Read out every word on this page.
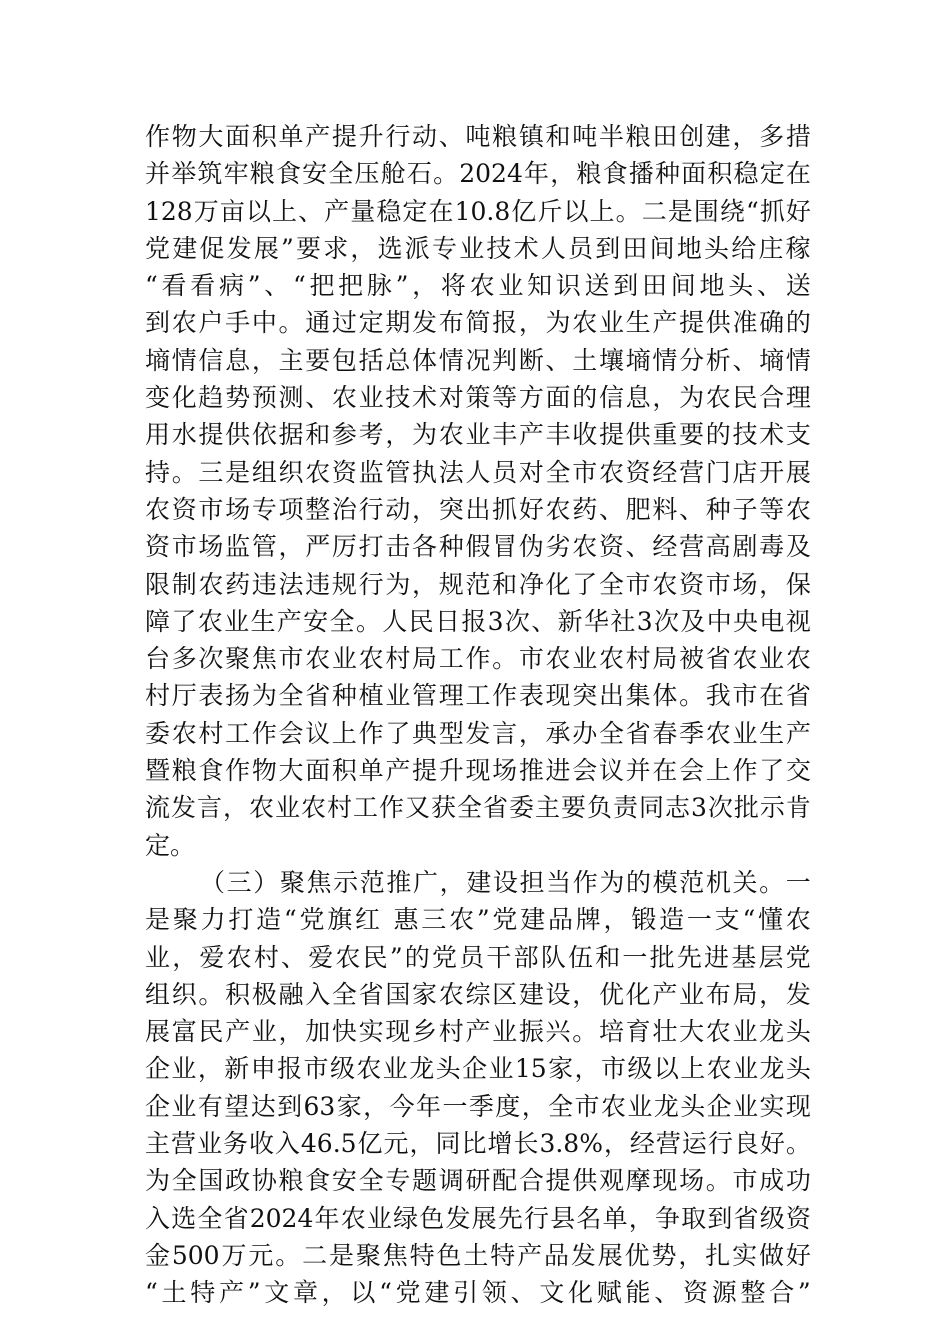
作 物 大 面 积 单 产 提 升 行 动 、 吨 粮 镇 和 吨 半 粮 田 创 建 ， 多 措
并 举 筑 牢 粮 食 安 全 压 舱 石 。 2024 年 ， 粮 食 播 种 面 积 稳 定 在
128 万 亩 以 上 、 产 量 稳 定 在 10.8 亿 斤 以 上 。 二 是 围 绕 “ 抓 好
党 建 促 发 展 ” 要 求 ， 选 派 专 业 技 术 人 员 到 田 间 地 头 给 庄 稼
“ 看 看 病 ” 、 “ 把 把 脉 ” ， 将 农 业 知 识 送 到 田 间 地 头 、 送
到 农 户 手 中 。 通 过 定 期 发 布 简 报 ， 为 农 业 生 产 提 供 准 确 的
墒 情 信 息 ， 主 要 包 括 总 体 情 况 判 断 、 土 壤 墒 情 分 析 、 墒 情
变 化 趋 势 预 测 、 农 业 技 术 对 策 等 方 面 的 信 息 ， 为 农 民 合 理
用 水 提 供 依 据 和 参 考 ， 为 农 业 丰 产 丰 收 提 供 重 要 的 技 术 支
持 。 三 是 组 织 农 资 监 管 执 法 人 员 对 全 市 农 资 经 营 门 店 开 展
农 资 市 场 专 项 整 治 行 动 ， 突 出 抓 好 农 药 、 肥 料 、 种 子 等 农
资 市 场 监 管 ， 严 厉 打 击 各 种 假 冒 伪 劣 农 资 、 经 营 高 剧 毒 及
限 制 农 药 违 法 违 规 行 为 ， 规 范 和 净 化 了 全 市 农 资 市 场 ， 保
障 了 农 业 生 产 安 全 。 人 民 日 报 3 次 、 新 华 社 3 次 及 中 央 电 视
台 多 次 聚 焦 市 农 业 农 村 局 工 作 。 市 农 业 农 村 局 被 省 农 业 农
村 厅 表 扬 为 全 省 种 植 业 管 理 工 作 表 现 突 出 集 体 。 我 市 在 省
委 农 村 工 作 会 议 上 作 了 典 型 发 言 ， 承 办 全 省 春 季 农 业 生 产
暨 粮 食 作 物 大 面 积 单 产 提 升 现 场 推 进 会 议 并 在 会 上 作 了 交
流 发 言 ， 农 业 农 村 工 作 又 获 全 省 委 主 要 负 责 同 志 3 次 批 示 肯
定 。
（ 三 ） 聚 焦 示 范 推 广 ， 建 设 担 当 作 为 的 模 范 机 关 。 一
是 聚 力 打 造 “ 党 旗 红
惠 三 农 ” 党 建 品 牌 ， 锻 造 一 支 “ 懂 农
业 ， 爱 农 村 、 爱 农 民 ” 的 党 员 干 部 队 伍 和 一 批 先 进 基 层 党
组 织 。 积 极 融 入 全 省 国 家 农 综 区 建 设 ， 优 化 产 业 布 局 ， 发
展 富 民 产 业 ， 加 快 实 现 乡 村 产 业 振 兴 。 培 育 壮 大 农 业 龙 头
企 业 ， 新 申 报 市 级 农 业 龙 头 企 业 15 家 ， 市 级 以 上 农 业 龙 头
企 业 有 望 达 到 63 家 ， 今 年 一 季 度 ， 全 市 农 业 龙 头 企 业 实 现
主 营 业 务 收 入 46.5 亿 元 ， 同 比 增 长 3.8% ， 经 营 运 行 良 好 。
为 全 国 政 协 粮 食 安 全 专 题 调 研 配 合 提 供 观 摩 现 场 。 市 成 功
入 选 全 省 2024 年 农 业 绿 色 发 展 先 行 县 名 单 ， 争 取 到 省 级 资
金 500 万 元 。 二 是 聚 焦 特 色 土 特 产 品 发 展 优 势 ， 扎 实 做 好
“ 土 特 产 ” 文 章 ， 以 “ 党 建 引 领 、 文 化 赋 能 、 资 源 整 合 ”
